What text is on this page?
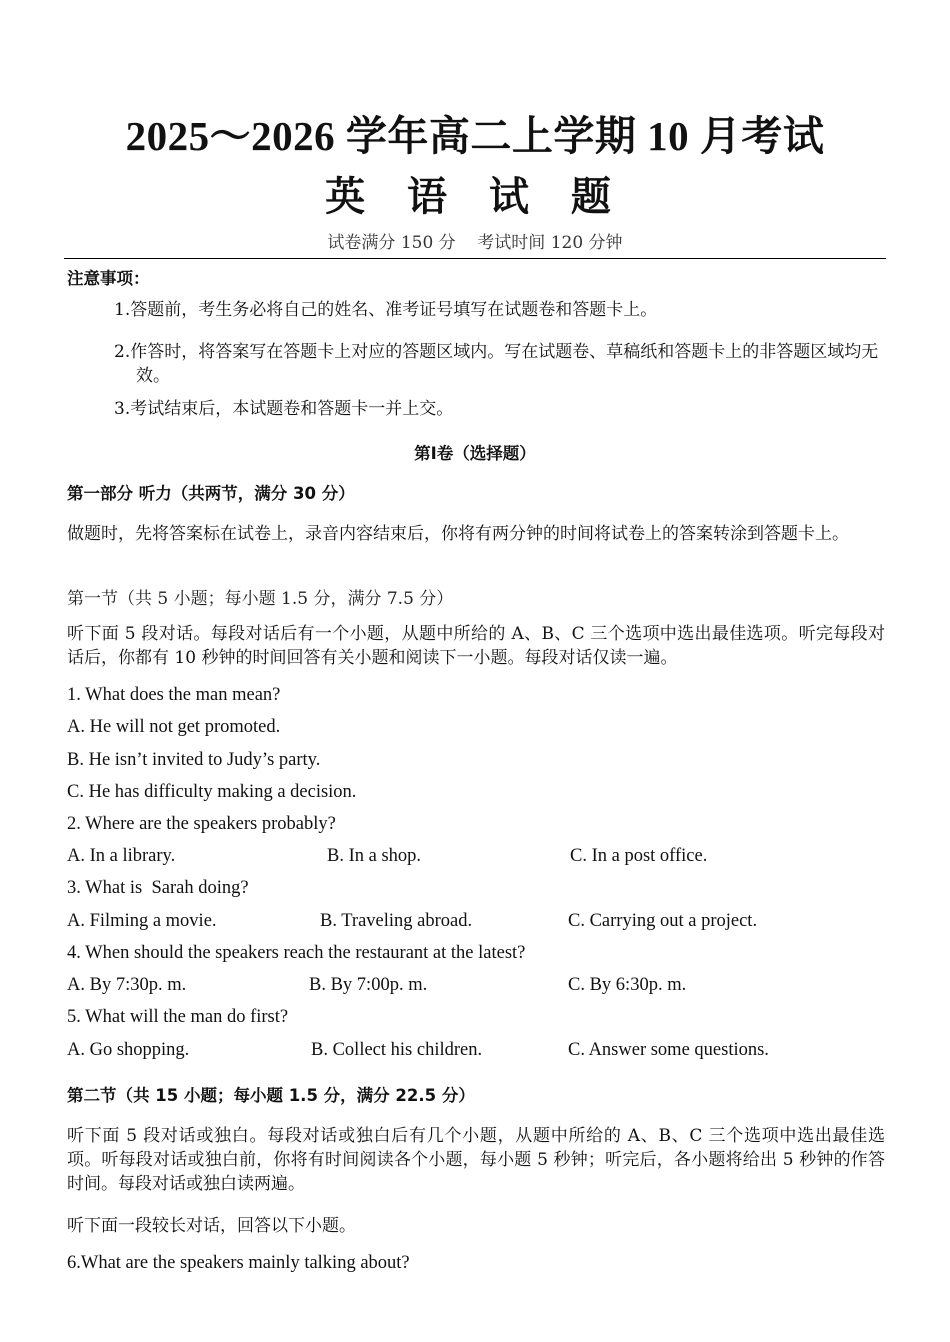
2025～2026 学年高二上学期 10 月考试
英 语 试 题
试卷满分 150 分    考试时间 120 分钟
注意事项：
1.答题前，考生务必将自己的姓名、准考证号填写在试题卷和答题卡上。
2.作答时，将答案写在答题卡上对应的答题区域内。写在试题卷、草稿纸和答题卡上的非答题区域均无效。
3.考试结束后，本试题卷和答题卡一并上交。
第Ⅰ卷（选择题）
第一部分 听力（共两节，满分 30 分）
做题时，先将答案标在试卷上，录音内容结束后，你将有两分钟的时间将试卷上的答案转涂到答题卡上。
第一节（共 5 小题；每小题 1.5 分，满分 7.5 分）
听下面 5 段对话。每段对话后有一个小题，从题中所给的 A、B、C 三个选项中选出最佳选项。听完每段对话后，你都有 10 秒钟的时间回答有关小题和阅读下一小题。每段对话仅读一遍。
1. What does the man mean?
A. He will not get promoted.
B. He isn’t invited to Judy’s party.
C. He has difficulty making a decision.
2. Where are the speakers probably?
A. In a library.	B. In a shop.	C. In a post office.
3. What is  Sarah doing?
A. Filming a movie.	B. Traveling abroad.	C. Carrying out a project.
4. When should the speakers reach the restaurant at the latest?
A. By 7:30p. m.	B. By 7:00p. m.	C. By 6:30p. m.
5. What will the man do first?
A. Go shopping.	B. Collect his children.	C. Answer some questions.
第二节（共 15 小题；每小题 1.5 分，满分 22.5 分）
听下面 5 段对话或独白。每段对话或独白后有几个小题，从题中所给的 A、B、C 三个选项中选出最佳选项。听每段对话或独白前，你将有时间阅读各个小题，每小题 5 秒钟；听完后，各小题将给出 5 秒钟的作答时间。每段对话或独白读两遍。
听下面一段较长对话，回答以下小题。
6.What are the speakers mainly talking about?
